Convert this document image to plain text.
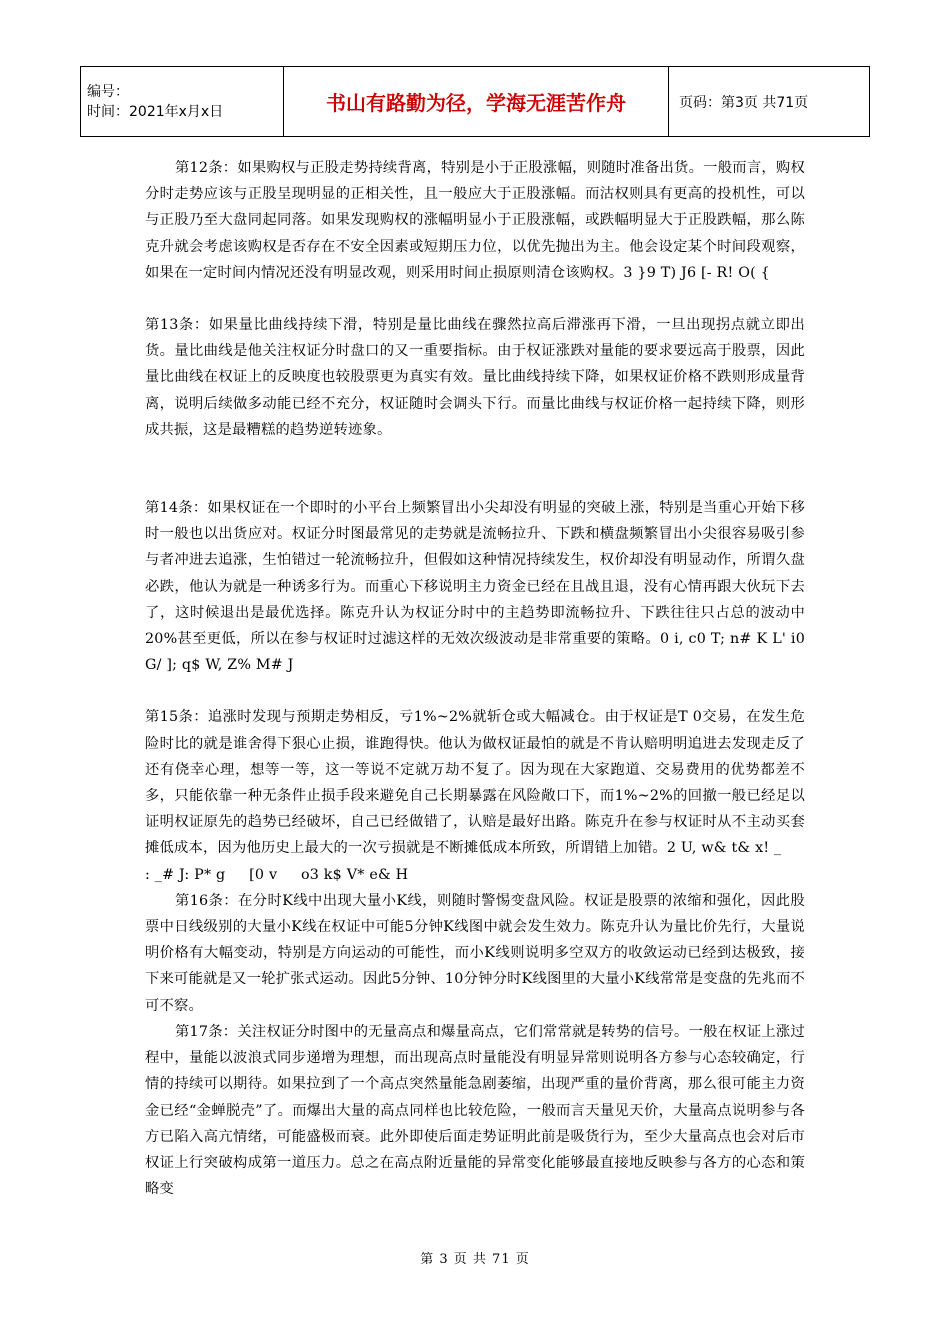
编号：
时间：2021年x月x日	书山有路勤为径，学海无涯苦作舟	页码：第3页 共71页

第12条：如果购权与正股走势持续背离，特别是小于正股涨幅，则随时准备出货。一般而言，购权分时走势应该与正股呈现明显的正相关性，且一般应大于正股涨幅。而沽权则具有更高的投机性，可以与正股乃至大盘同起同落。如果发现购权的涨幅明显小于正股涨幅，或跌幅明显大于正股跌幅，那么陈克升就会考虑该购权是否存在不安全因素或短期压力位，以优先抛出为主。他会设定某个时间段观察，如果在一定时间内情况还没有明显改观，则采用时间止损原则清仓该购权。3 }9 T) J6 [- R! O( {

第13条：如果量比曲线持续下滑，特别是量比曲线在骤然拉高后滞涨再下滑，一旦出现拐点就立即出货。量比曲线是他关注权证分时盘口的又一重要指标。由于权证涨跌对量能的要求要远高于股票，因此量比曲线在权证上的反映度也较股票更为真实有效。量比曲线持续下降，如果权证价格不跌则形成量背离，说明后续做多动能已经不充分，权证随时会调头下行。而量比曲线与权证价格一起持续下降，则形成共振，这是最糟糕的趋势逆转迹象。

第14条：如果权证在一个即时的小平台上频繁冒出小尖却没有明显的突破上涨，特别是当重心开始下移时一般也以出货应对。权证分时图最常见的走势就是流畅拉升、下跌和横盘频繁冒出小尖很容易吸引参与者冲进去追涨，生怕错过一轮流畅拉升，但假如这种情况持续发生，权价却没有明显动作，所谓久盘必跌，他认为就是一种诱多行为。而重心下移说明主力资金已经在且战且退，没有心情再跟大伙玩下去了，这时候退出是最优选择。陈克升认为权证分时中的主趋势即流畅拉升、下跌往往只占总的波动中20%甚至更低，所以在参与权证时过滤这样的无效次级波动是非常重要的策略。0 i, c0 T; n# K L' i0 G/ ]; q$ W, Z% M# J

第15条：追涨时发现与预期走势相反，亏1%~2%就斩仓或大幅减仓。由于权证是T 0交易，在发生危险时比的就是谁舍得下狠心止损，谁跑得快。他认为做权证最怕的就是不肯认赔明明追进去发现走反了还有侥幸心理，想等一等，这一等说不定就万劫不复了。因为现在大家跑道、交易费用的优势都差不多，只能依靠一种无条件止损手段来避免自己长期暴露在风险敞口下，而1%~2%的回撤一般已经足以证明权证原先的趋势已经破坏，自己已经做错了，认赔是最好出路。陈克升在参与权证时从不主动买套摊低成本，因为他历史上最大的一次亏损就是不断摊低成本所致，所谓错上加错。2 U, w& t& x! _

: _# J: P* g     [0 v     o3 k$ V* e& H

第16条：在分时K线中出现大量小K线，则随时警惕变盘风险。权证是股票的浓缩和强化，因此股票中日线级别的大量小K线在权证中可能5分钟K线图中就会发生效力。陈克升认为量比价先行，大量说明价格有大幅变动，特别是方向运动的可能性，而小K线则说明多空双方的收敛运动已经到达极致，接下来可能就是又一轮扩张式运动。因此5分钟、10分钟分时K线图里的大量小K线常常是变盘的先兆而不可不察。

第17条：关注权证分时图中的无量高点和爆量高点，它们常常就是转势的信号。一般在权证上涨过程中，量能以波浪式同步递增为理想，而出现高点时量能没有明显异常则说明各方参与心态较确定，行情的持续可以期待。如果拉到了一个高点突然量能急剧萎缩，出现严重的量价背离，那么很可能主力资金已经“金蝉脱壳”了。而爆出大量的高点同样也比较危险，一般而言天量见天价，大量高点说明参与各方已陷入高亢情绪，可能盛极而衰。此外即使后面走势证明此前是吸货行为，至少大量高点也会对后市权证上行突破构成第一道压力。总之在高点附近量能的异常变化能够最直接地反映参与各方的心态和策略变

第 3 页 共 71 页
